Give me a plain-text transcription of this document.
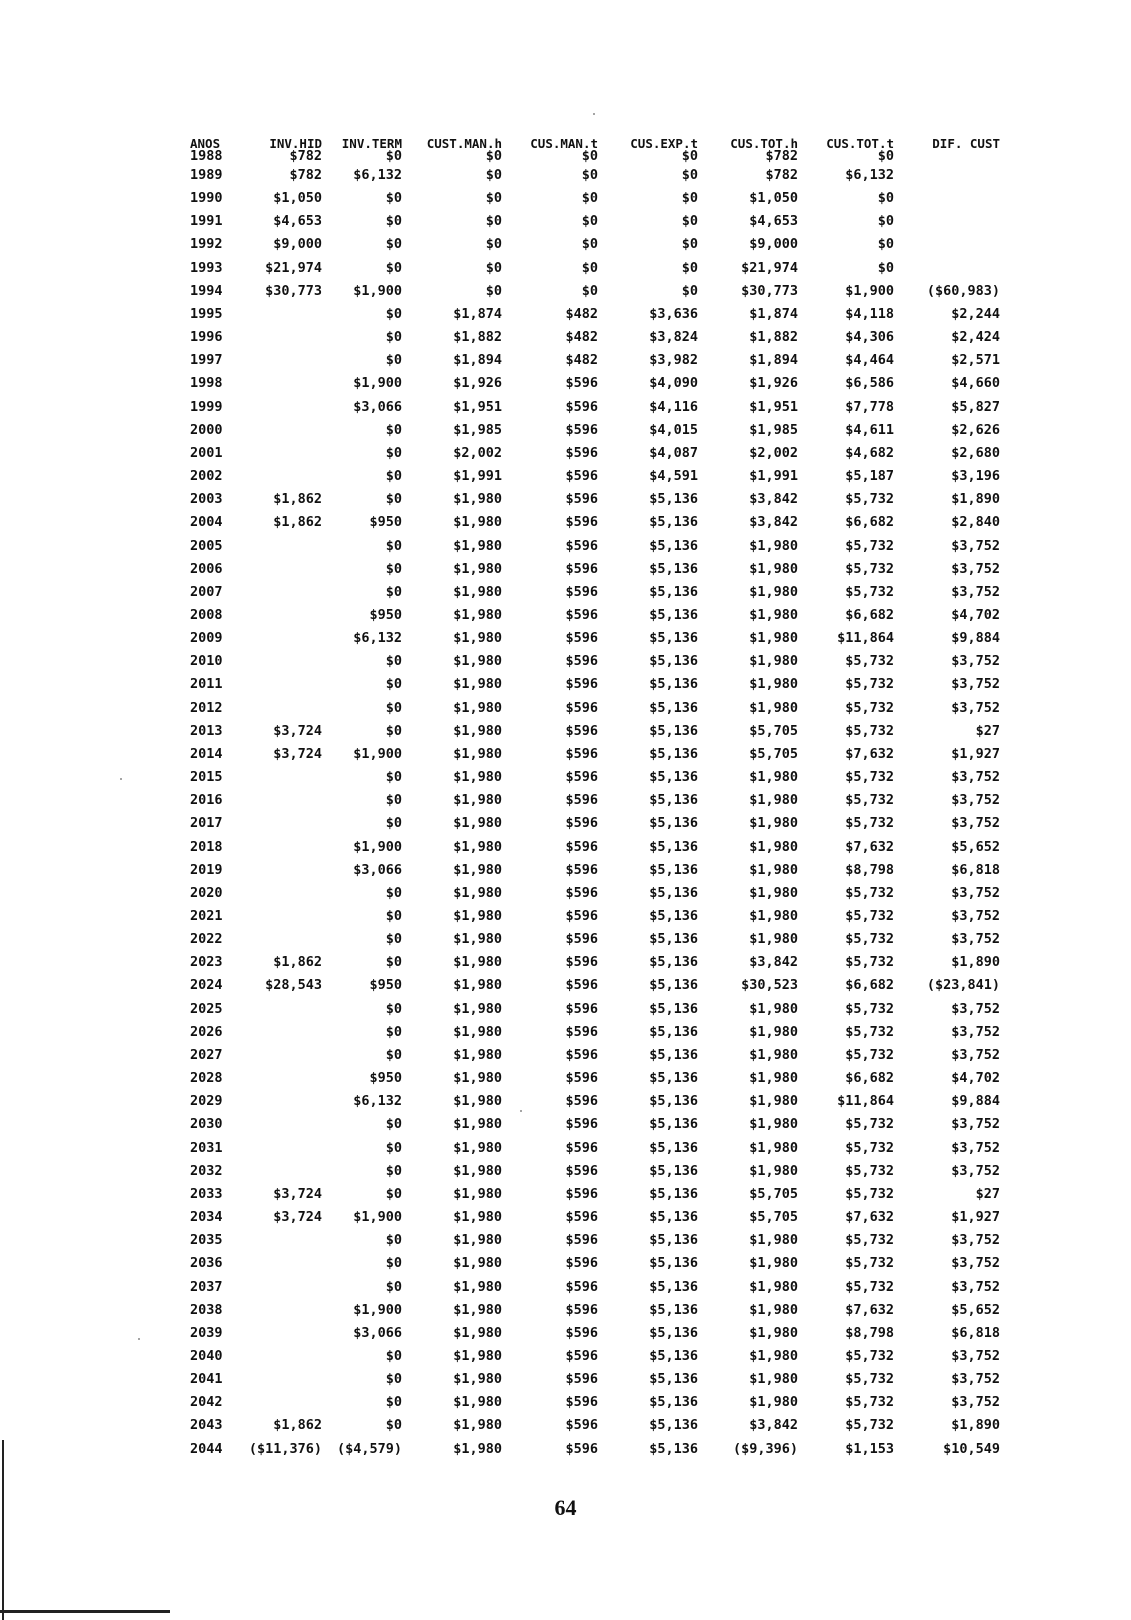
ANOS	INV.HID	INV.TERM	CUST.MAN.h	CUS.MAN.t	CUS.EXP.t	CUS.TOT.h	CUS.TOT.t	DIF. CUST
1988	$782	$0	$0	$0	$0	$782	$0	
1989	$782	$6,132	$0	$0	$0	$782	$6,132	
1990	$1,050	$0	$0	$0	$0	$1,050	$0	
1991	$4,653	$0	$0	$0	$0	$4,653	$0	
1992	$9,000	$0	$0	$0	$0	$9,000	$0	
1993	$21,974	$0	$0	$0	$0	$21,974	$0	
1994	$30,773	$1,900	$0	$0	$0	$30,773	$1,900	($60,983)
1995		$0	$1,874	$482	$3,636	$1,874	$4,118	$2,244
1996		$0	$1,882	$482	$3,824	$1,882	$4,306	$2,424
1997		$0	$1,894	$482	$3,982	$1,894	$4,464	$2,571
1998		$1,900	$1,926	$596	$4,090	$1,926	$6,586	$4,660
1999		$3,066	$1,951	$596	$4,116	$1,951	$7,778	$5,827
2000		$0	$1,985	$596	$4,015	$1,985	$4,611	$2,626
2001		$0	$2,002	$596	$4,087	$2,002	$4,682	$2,680
2002		$0	$1,991	$596	$4,591	$1,991	$5,187	$3,196
2003	$1,862	$0	$1,980	$596	$5,136	$3,842	$5,732	$1,890
2004	$1,862	$950	$1,980	$596	$5,136	$3,842	$6,682	$2,840
2005		$0	$1,980	$596	$5,136	$1,980	$5,732	$3,752
2006		$0	$1,980	$596	$5,136	$1,980	$5,732	$3,752
2007		$0	$1,980	$596	$5,136	$1,980	$5,732	$3,752
2008		$950	$1,980	$596	$5,136	$1,980	$6,682	$4,702
2009		$6,132	$1,980	$596	$5,136	$1,980	$11,864	$9,884
2010		$0	$1,980	$596	$5,136	$1,980	$5,732	$3,752
2011		$0	$1,980	$596	$5,136	$1,980	$5,732	$3,752
2012		$0	$1,980	$596	$5,136	$1,980	$5,732	$3,752
2013	$3,724	$0	$1,980	$596	$5,136	$5,705	$5,732	$27
2014	$3,724	$1,900	$1,980	$596	$5,136	$5,705	$7,632	$1,927
2015		$0	$1,980	$596	$5,136	$1,980	$5,732	$3,752
2016		$0	$1,980	$596	$5,136	$1,980	$5,732	$3,752
2017		$0	$1,980	$596	$5,136	$1,980	$5,732	$3,752
2018		$1,900	$1,980	$596	$5,136	$1,980	$7,632	$5,652
2019		$3,066	$1,980	$596	$5,136	$1,980	$8,798	$6,818
2020		$0	$1,980	$596	$5,136	$1,980	$5,732	$3,752
2021		$0	$1,980	$596	$5,136	$1,980	$5,732	$3,752
2022		$0	$1,980	$596	$5,136	$1,980	$5,732	$3,752
2023	$1,862	$0	$1,980	$596	$5,136	$3,842	$5,732	$1,890
2024	$28,543	$950	$1,980	$596	$5,136	$30,523	$6,682	($23,841)
2025		$0	$1,980	$596	$5,136	$1,980	$5,732	$3,752
2026		$0	$1,980	$596	$5,136	$1,980	$5,732	$3,752
2027		$0	$1,980	$596	$5,136	$1,980	$5,732	$3,752
2028		$950	$1,980	$596	$5,136	$1,980	$6,682	$4,702
2029		$6,132	$1,980	$596	$5,136	$1,980	$11,864	$9,884
2030		$0	$1,980	$596	$5,136	$1,980	$5,732	$3,752
2031		$0	$1,980	$596	$5,136	$1,980	$5,732	$3,752
2032		$0	$1,980	$596	$5,136	$1,980	$5,732	$3,752
2033	$3,724	$0	$1,980	$596	$5,136	$5,705	$5,732	$27
2034	$3,724	$1,900	$1,980	$596	$5,136	$5,705	$7,632	$1,927
2035		$0	$1,980	$596	$5,136	$1,980	$5,732	$3,752
2036		$0	$1,980	$596	$5,136	$1,980	$5,732	$3,752
2037		$0	$1,980	$596	$5,136	$1,980	$5,732	$3,752
2038		$1,900	$1,980	$596	$5,136	$1,980	$7,632	$5,652
2039		$3,066	$1,980	$596	$5,136	$1,980	$8,798	$6,818
2040		$0	$1,980	$596	$5,136	$1,980	$5,732	$3,752
2041		$0	$1,980	$596	$5,136	$1,980	$5,732	$3,752
2042		$0	$1,980	$596	$5,136	$1,980	$5,732	$3,752
2043	$1,862	$0	$1,980	$596	$5,136	$3,842	$5,732	$1,890
2044	($11,376)	($4,579)	$1,980	$596	$5,136	($9,396)	$1,153	$10,549
64
